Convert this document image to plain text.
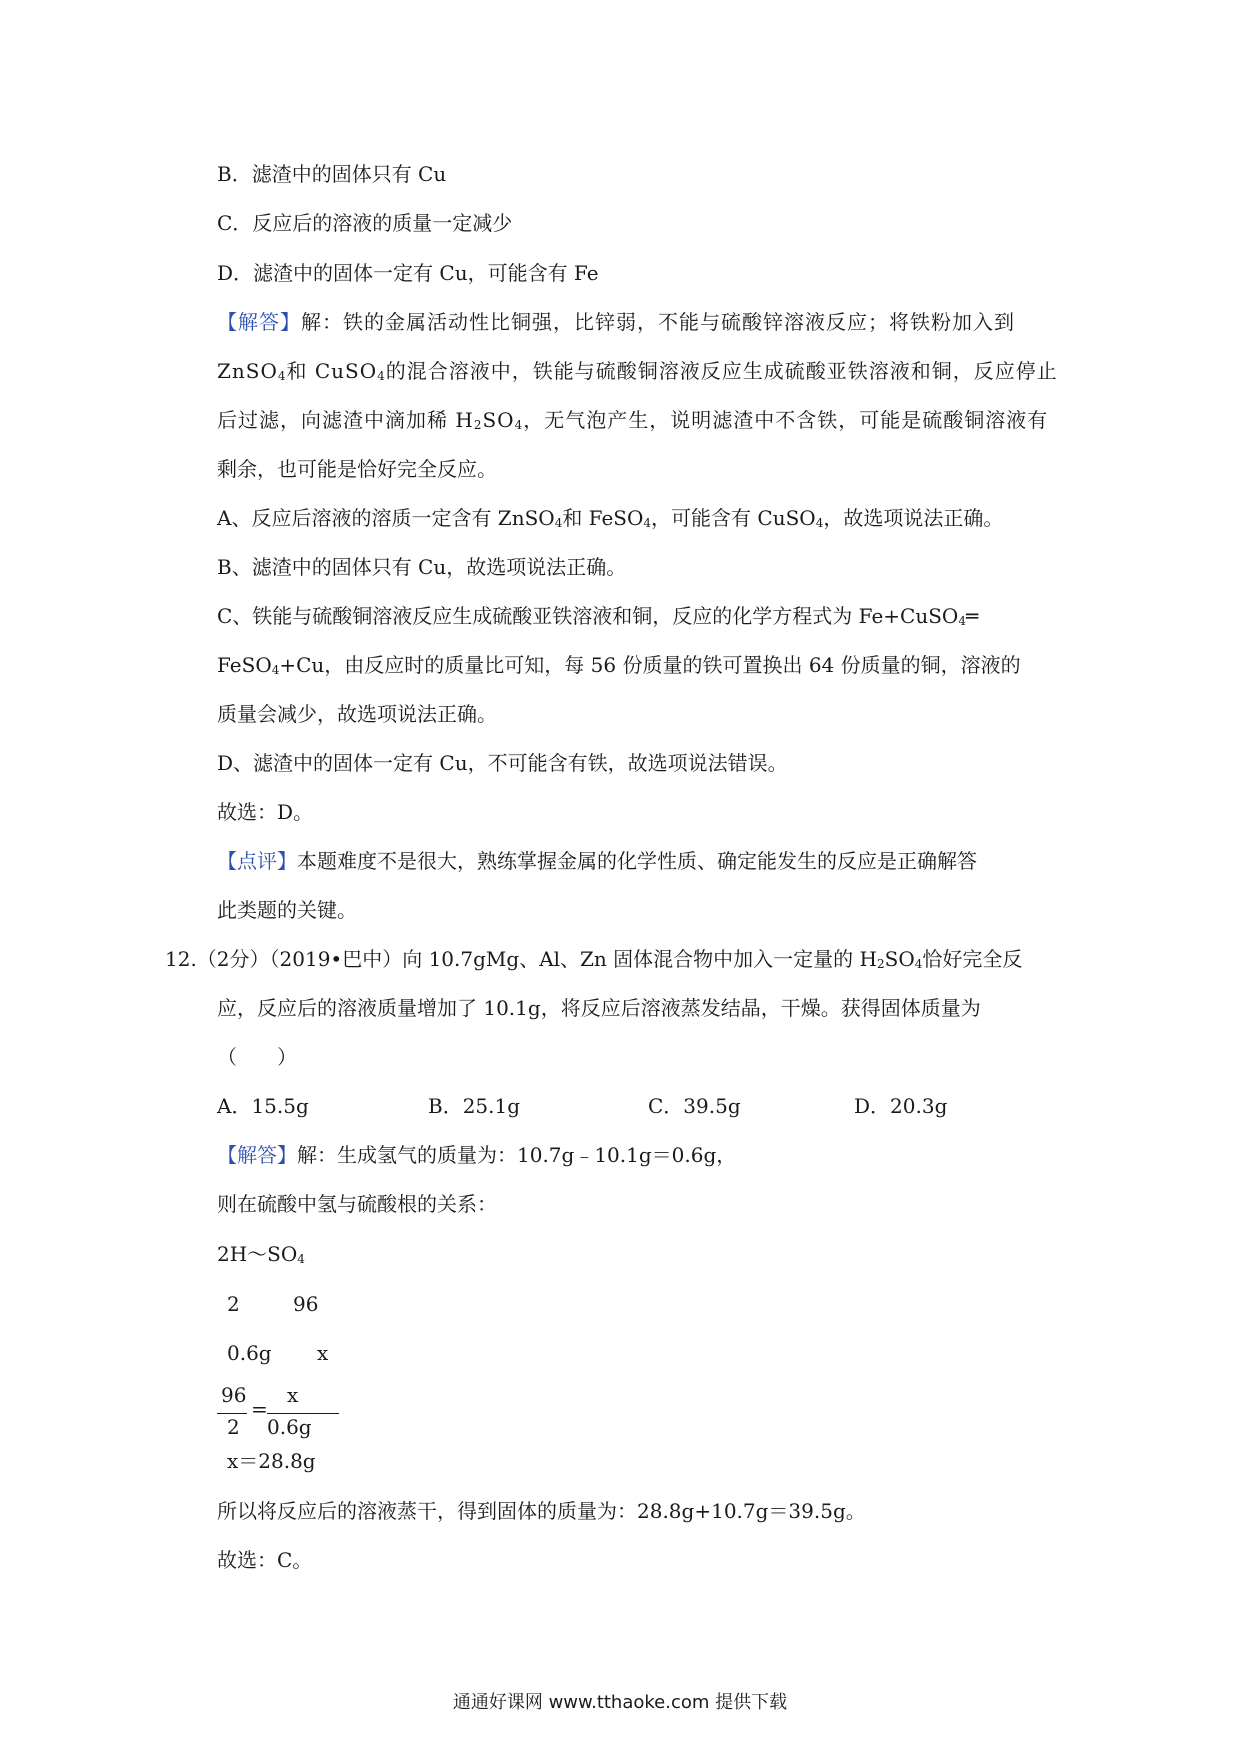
B．滤渣中的固体只有 Cu
C．反应后的溶液的质量一定减少
D．滤渣中的固体一定有 Cu，可能含有 Fe
【解答】解：铁的金属活动性比铜强，比锌弱，不能与硫酸锌溶液反应；将铁粉加入到
ZnSO$_4$和 CuSO$_4$的混合溶液中，铁能与硫酸铜溶液反应生成硫酸亚铁溶液和铜，反应停止
后过滤，向滤渣中滴加稀 $H_2SO_4$，无气泡产生，说明滤渣中不含铁，可能是硫酸铜溶液有
剩余，也可能是恰好完全反应。
A、反应后溶液的溶质一定含有 ZnSO$_4$和 FeSO$_4$，可能含有 CuSO$_4$，故选项说法正确。
B、滤渣中的固体只有 Cu，故选项说法正确。
C、铁能与硫酸铜溶液反应生成硫酸亚铁溶液和铜，反应的化学方程式为 Fe+CuSO$_4$═
FeSO$_4$+Cu，由反应时的质量比可知，每 56 份质量的铁可置换出 64 份质量的铜，溶液的
质量会减少，故选项说法正确。
D、滤渣中的固体一定有 Cu，不可能含有铁，故选项说法错误。
故选：D。
【点评】本题难度不是很大，熟练掌握金属的化学性质、确定能发生的反应是正确解答
此类题的关键。
12.（2分）（2019•巴中）向 10.7gMg、Al、Zn 固体混合物中加入一定量的 $H_2SO_4$恰好完全反
应，反应后的溶液质量增加了 10.1g，将反应后溶液蒸发结晶，干燥。获得固体质量为
（　　）
A．15.5g	B．25.1g	C．39.5g	D．20.3g
【解答】解：生成氢气的质量为：10.7g﹣10.1g＝0.6g，
则在硫酸中氢与硫酸根的关系：
$2H\sim SO_4$
2	96
0.6g x
96
2
=
x
0.6g
x＝28.8g
所以将反应后的溶液蒸干，得到固体的质量为：28.8g+10.7g＝39.5g。
故选：C。
通通好课网 www.tthaoke.com 提供下载
